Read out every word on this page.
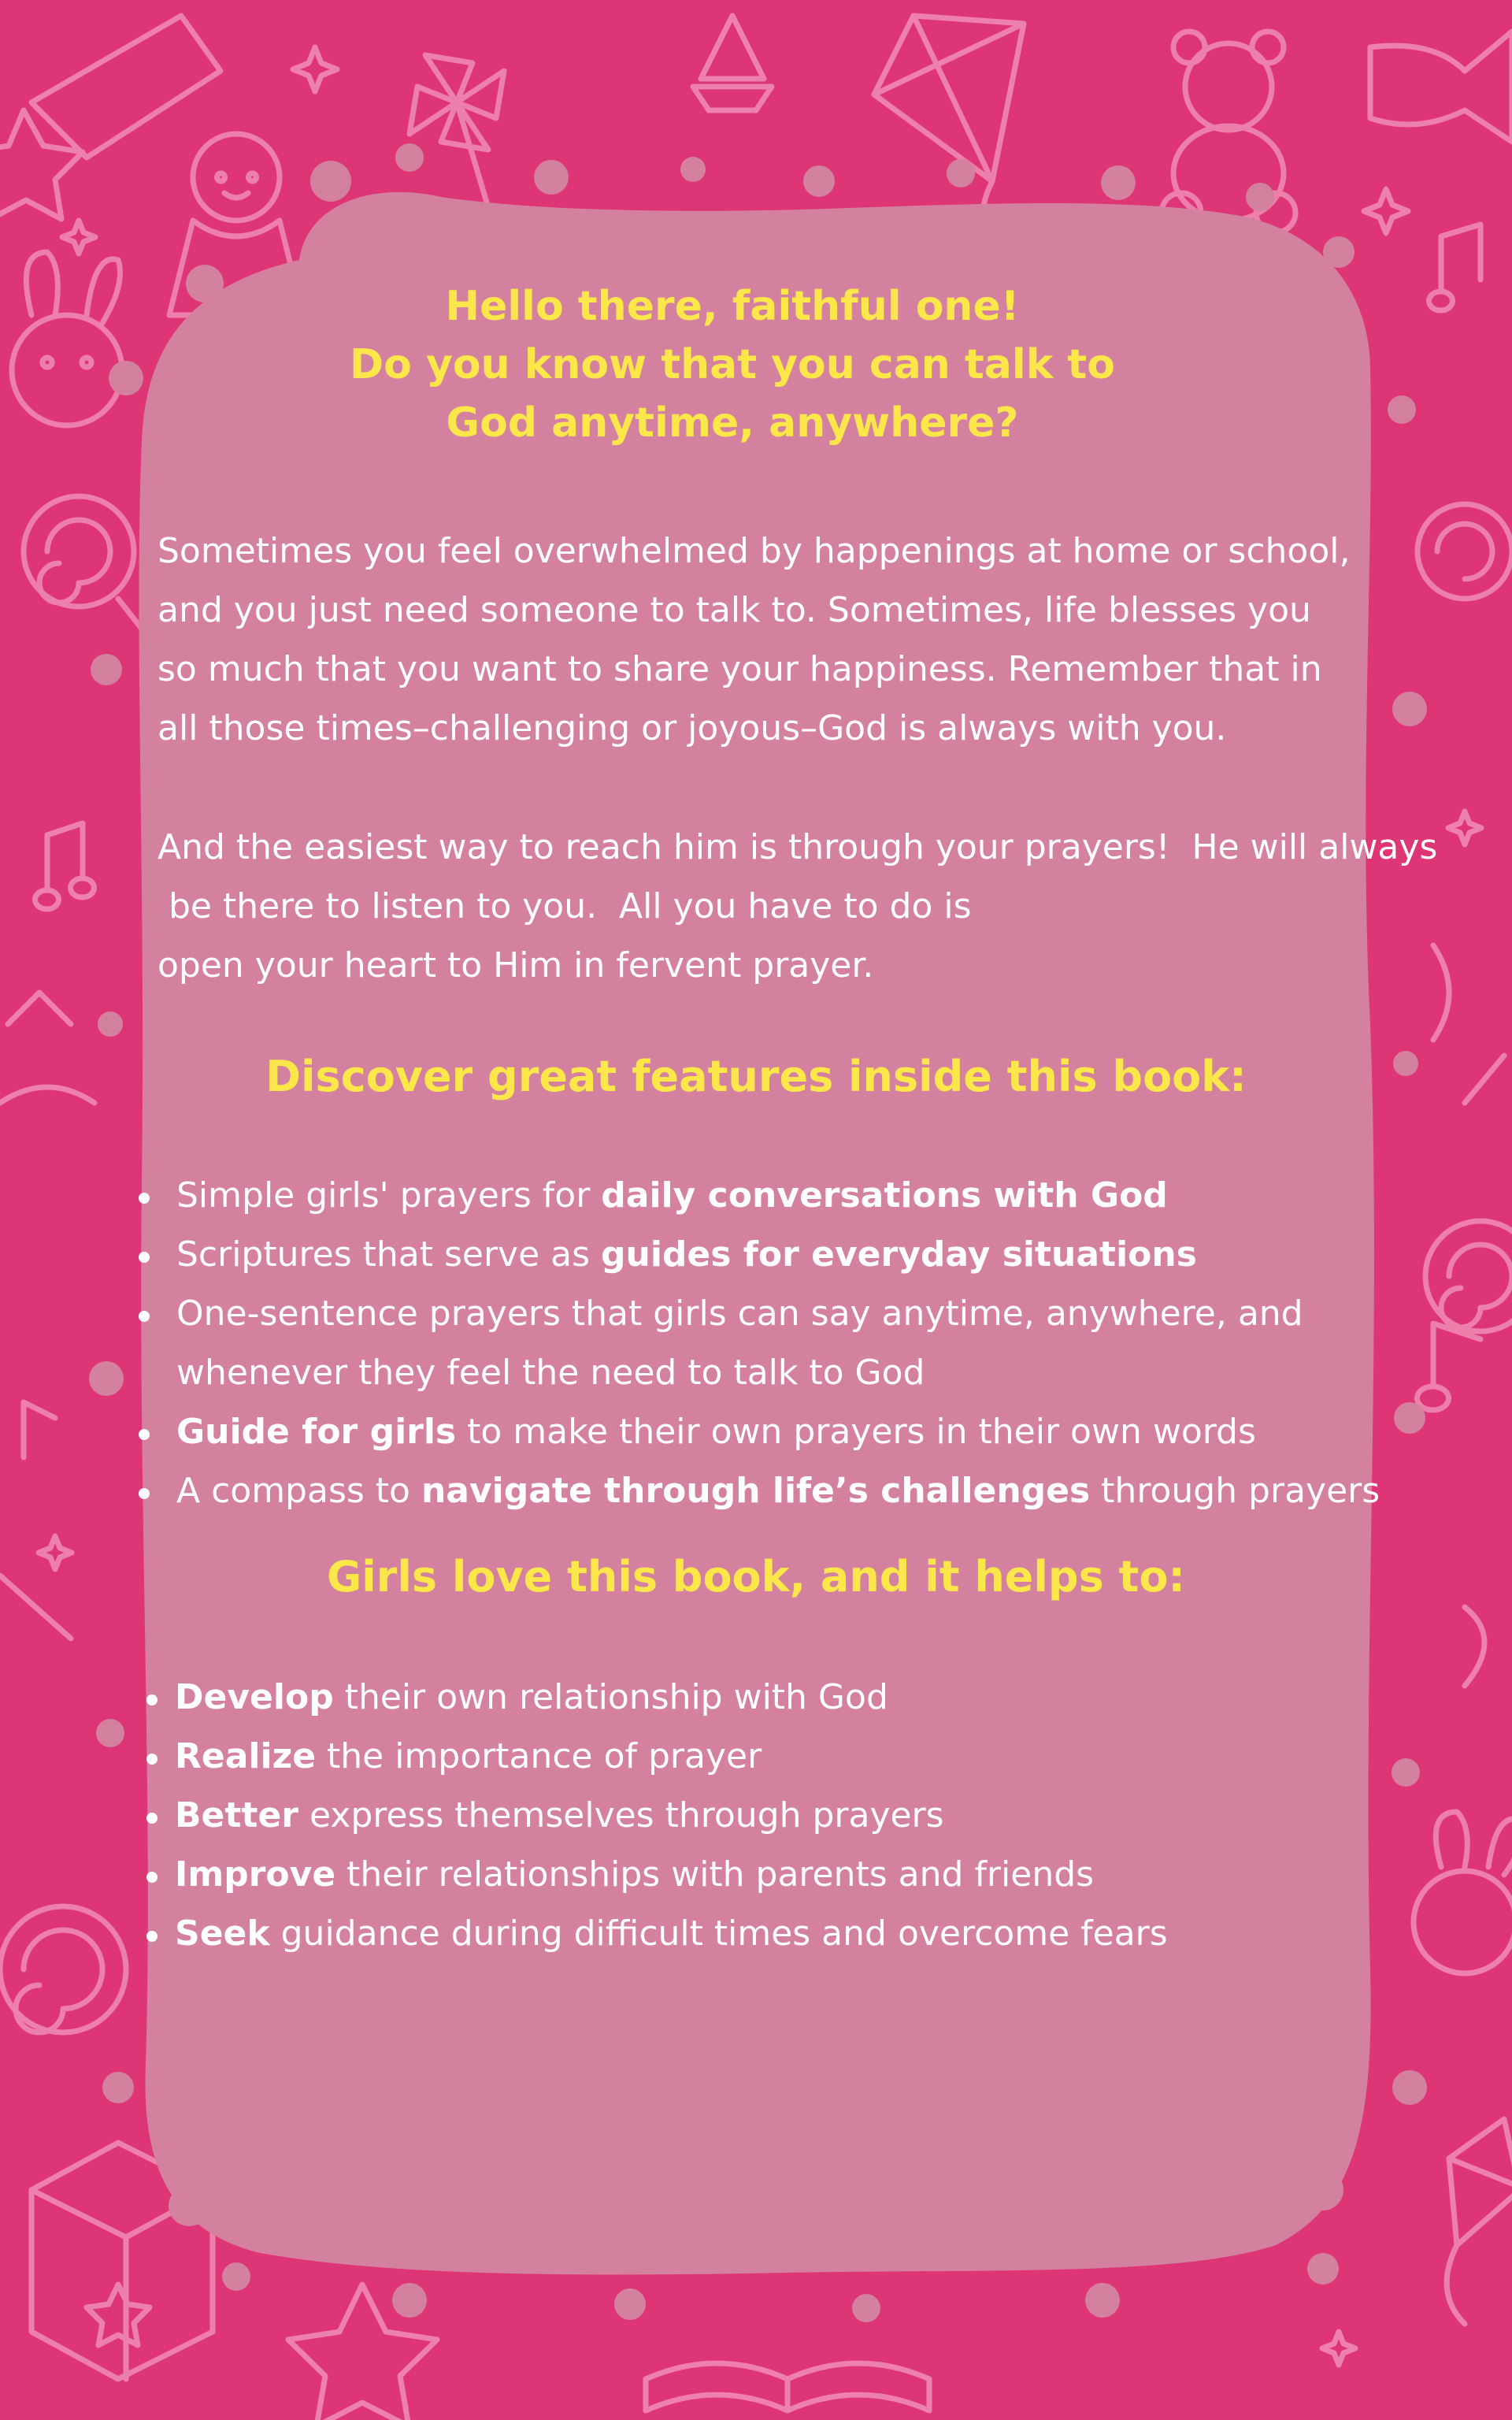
Hello there, faithful one!
Do you know that you can talk to
God anytime, anywhere?

Sometimes you feel overwhelmed by happenings at home or school,
and you just need someone to talk to. Sometimes, life blesses you
so much that you want to share your happiness. Remember that in
all those times–challenging or joyous–God is always with you.

And the easiest way to reach him is through your prayers!  He will always
be there to listen to you.  All you have to do is
open your heart to Him in fervent prayer.

Discover great features inside this book:
Simple girls' prayers for daily conversations with God
Scriptures that serve as guides for everyday situations
One-sentence prayers that girls can say anytime, anywhere, and
whenever they feel the need to talk to God
Guide for girls to make their own prayers in their own words
A compass to navigate through life’s challenges through prayers
Girls love this book, and it helps to:
Develop their own relationship with God
Realize the importance of prayer
Better express themselves through prayers
Improve their relationships with parents and friends
Seek guidance during difficult times and overcome fears
